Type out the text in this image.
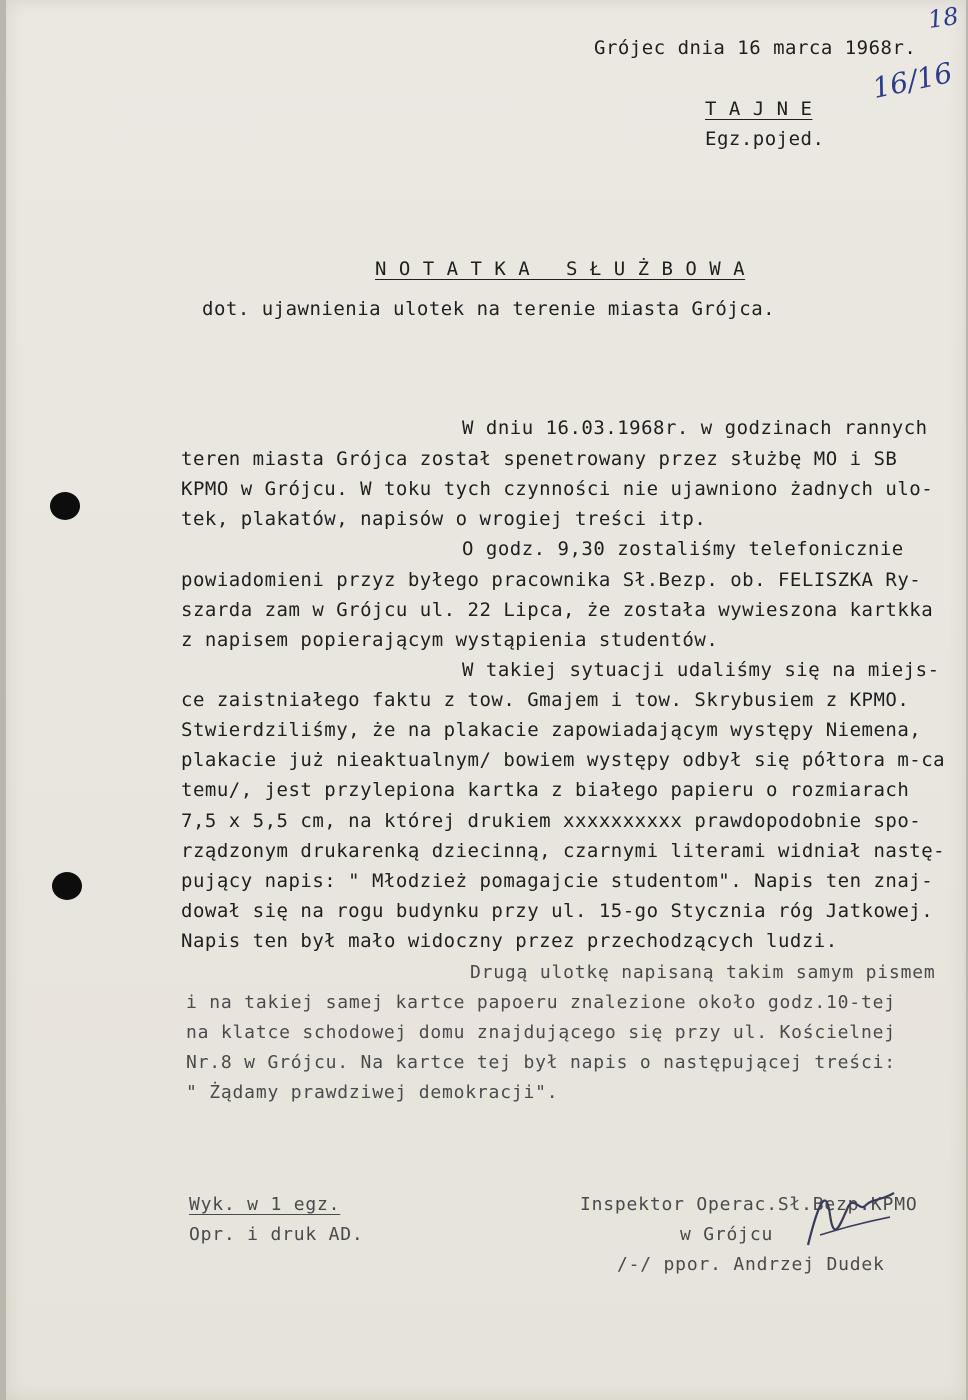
18
16/16
Grójec dnia 16 marca 1968r.
T A J N E
Egz.pojed.
N O T A T K A   S Ł U Ż B O W A
dot. ujawnienia ulotek na terenie miasta Grójca.
W dniu 16.03.1968r. w godzinach rannych
teren miasta Grójca został spenetrowany przez służbę MO i SB
KPMO w Grójcu. W toku tych czynności nie ujawniono żadnych ulo-
tek, plakatów, napisów o wrogiej treści itp.
O godz. 9,30 zostaliśmy telefonicznie
powiadomieni przyz byłego pracownika Sł.Bezp. ob. FELISZKA Ry-
szarda zam w Grójcu ul. 22 Lipca, że została wywieszona kartkka
z napisem popierającym wystąpienia studentów.
W takiej sytuacji udaliśmy się na miejs-
ce zaistniałego faktu z tow. Gmajem i tow. Skrybusiem z KPMO.
Stwierdziliśmy, że na plakacie zapowiadającym występy Niemena,
plakacie już nieaktualnym/ bowiem występy odbył się półtora m-ca
temu/, jest przylepiona kartka z białego papieru o rozmiarach
7,5 x 5,5 cm, na której drukiem xxxxxxxxxx prawdopodobnie spo-
rządzonym drukarenką dziecinną, czarnymi literami widniał nastę-
pujący napis: " Młodzież pomagajcie studentom". Napis ten znaj-
dował się na rogu budynku przy ul. 15-go Stycznia róg Jatkowej.
Napis ten był mało widoczny przez przechodzących ludzi.
Drugą ulotkę napisaną takim samym pismem
i na takiej samej kartce papoeru znalezione około godz.10-tej
na klatce schodowej domu znajdującego się przy ul. Kościelnej
Nr.8 w Grójcu. Na kartce tej był napis o następującej treści:
" Żądamy prawdziwej demokracji".
Wyk. w 1 egz.
Opr. i druk AD.
Inspektor Operac.Sł.Bezp.KPMO
w Grójcu
/-/ ppor. Andrzej Dudek
